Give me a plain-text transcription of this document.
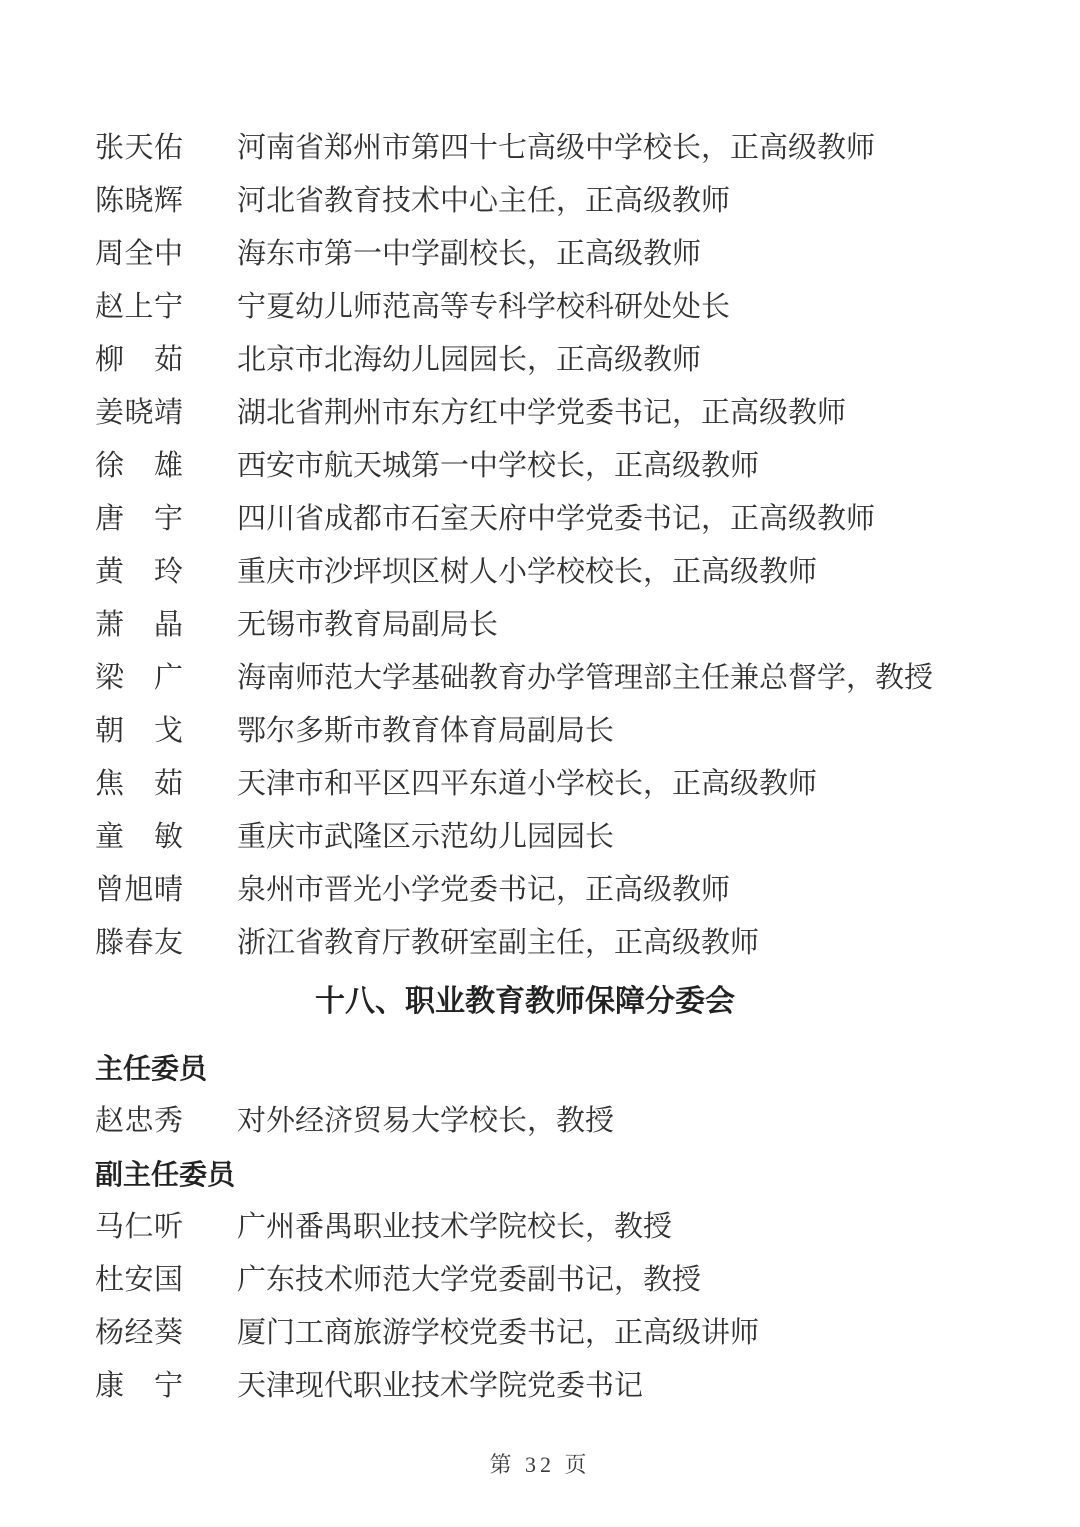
张天佑 河南省郑州市第四十七高级中学校长，正高级教师
陈晓辉 河北省教育技术中心主任，正高级教师
周全中 海东市第一中学副校长，正高级教师
赵上宁 宁夏幼儿师范高等专科学校科研处处长
柳茹 北京市北海幼儿园园长，正高级教师
姜晓靖 湖北省荆州市东方红中学党委书记，正高级教师
徐雄 西安市航天城第一中学校长，正高级教师
唐宇 四川省成都市石室天府中学党委书记，正高级教师
黄玲 重庆市沙坪坝区树人小学校校长，正高级教师
萧晶 无锡市教育局副局长
梁广 海南师范大学基础教育办学管理部主任兼总督学，教授
朝戈 鄂尔多斯市教育体育局副局长
焦茹 天津市和平区四平东道小学校长，正高级教师
童敏 重庆市武隆区示范幼儿园园长
曾旭晴 泉州市晋光小学党委书记，正高级教师
滕春友 浙江省教育厅教研室副主任，正高级教师
十八、职业教育教师保障分委会
主任委员
赵忠秀 对外经济贸易大学校长，教授
副主任委员
马仁听 广州番禺职业技术学院校长，教授
杜安国 广东技术师范大学党委副书记，教授
杨经葵 厦门工商旅游学校党委书记，正高级讲师
康宁 天津现代职业技术学院党委书记
第 32 页
